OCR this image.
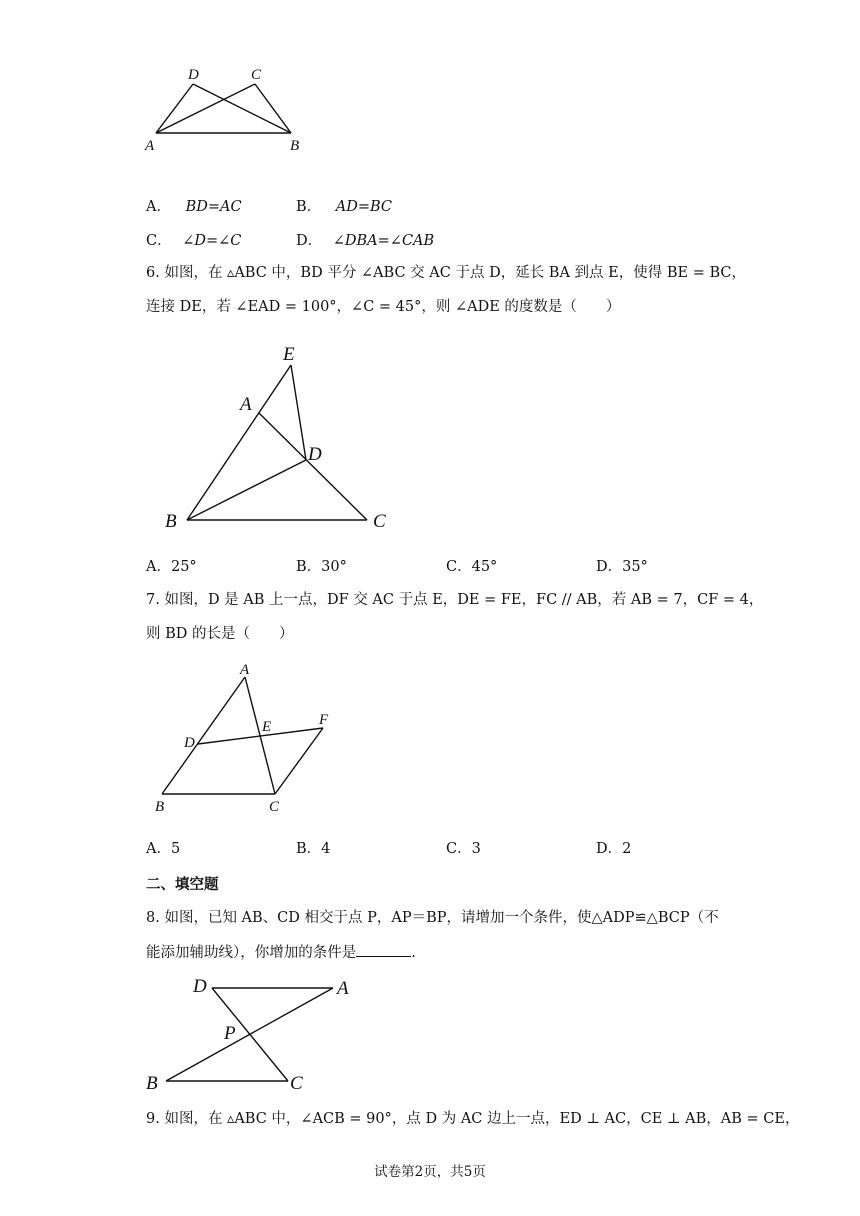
D	C
A	B
A． BD=AC	B． AD=BC
C． ∠D=∠C	D． ∠DBA=∠CAB
6. 如图，在 ▵ABC 中，BD 平分 ∠ABC 交 AC 于点 D，延长 BA 到点 E，使得 BE = BC，
连接 DE，若 ∠EAD = 100°，∠C = 45°，则 ∠ADE 的度数是（　　）
E
A
D
B	C
A．25°	B．30°	C．45°	D．35°
7. 如图，D 是 AB 上一点，DF 交 AC 于点 E，DE = FE，FC // AB，若 AB = 7，CF = 4，
则 BD 的长是（　　）
A
E	F
D
B	C
A．5	B．4	C．3	D．2
二、填空题
8. 如图，已知 AB、CD 相交于点 P，AP＝BP，请增加一个条件，使△ADP≌△BCP（不
能添加辅助线），你增加的条件是	.
D	A
P
B	C
9. 如图，在 ▵ABC 中，∠ACB = 90°，点 D 为 AC 边上一点，ED ⊥ AC，CE ⊥ AB，AB = CE，
试卷第2页，共5页
